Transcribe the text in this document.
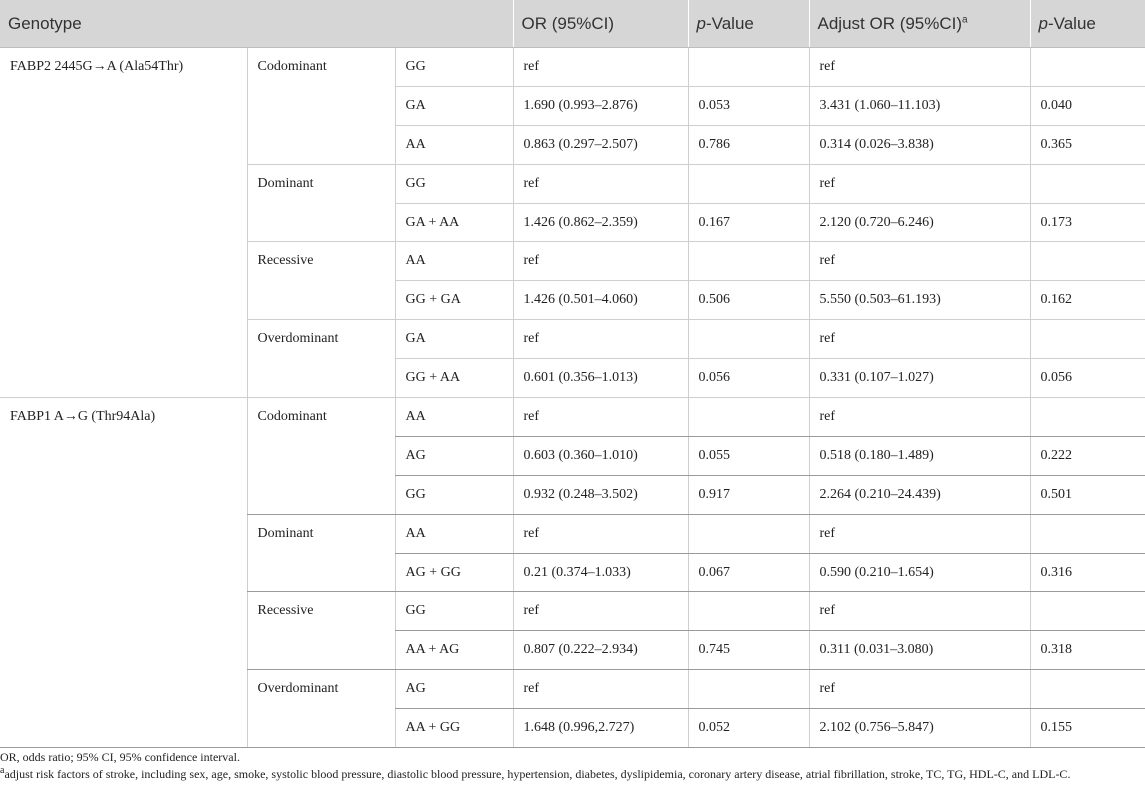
Genotype			OR (95%CI)	p-Value	Adjust OR $(95\%CI)^a$	p-Value
FABP2 2445G→A (Ala54Thr)	Codominant	GG	ref		ref	
		GA	1.690 (0.993–2.876)	0.053	3.431 (1.060–11.103)	0.040
		AA	0.863 (0.297–2.507)	0.786	0.314 (0.026–3.838)	0.365
	Dominant	GG	ref		ref	
		GA + AA	1.426 (0.862–2.359)	0.167	2.120 (0.720–6.246)	0.173
	Recessive	AA	ref		ref	
		GG + GA	1.426 (0.501–4.060)	0.506	5.550 (0.503–61.193)	0.162
	Overdominant	GA	ref		ref	
		GG + AA	0.601 (0.356–1.013)	0.056	0.331 (0.107–1.027)	0.056
FABP1 A→G (Thr94Ala)	Codominant	AA	ref		ref	
		AG	0.603 (0.360–1.010)	0.055	0.518 (0.180–1.489)	0.222
		GG	0.932 (0.248–3.502)	0.917	2.264 (0.210–24.439)	0.501
	Dominant	AA	ref		ref	
		AG + GG	0.21 (0.374–1.033)	0.067	0.590 (0.210–1.654)	0.316
	Recessive	GG	ref		ref	
		AA + AG	0.807 (0.222–2.934)	0.745	0.311 (0.031–3.080)	0.318
	Overdominant	AG	ref		ref	
		AA + GG	1.648 (0.996,2.727)	0.052	2.102 (0.756–5.847)	0.155

OR, odds ratio; 95% CI, 95% confidence interval.

$^a$adjust risk factors of stroke, including sex, age, smoke, systolic blood pressure, diastolic blood pressure, hypertension, diabetes, dyslipidemia, coronary artery disease, atrial fibrillation, stroke, TC, TG, HDL-C, and LDL-C.
